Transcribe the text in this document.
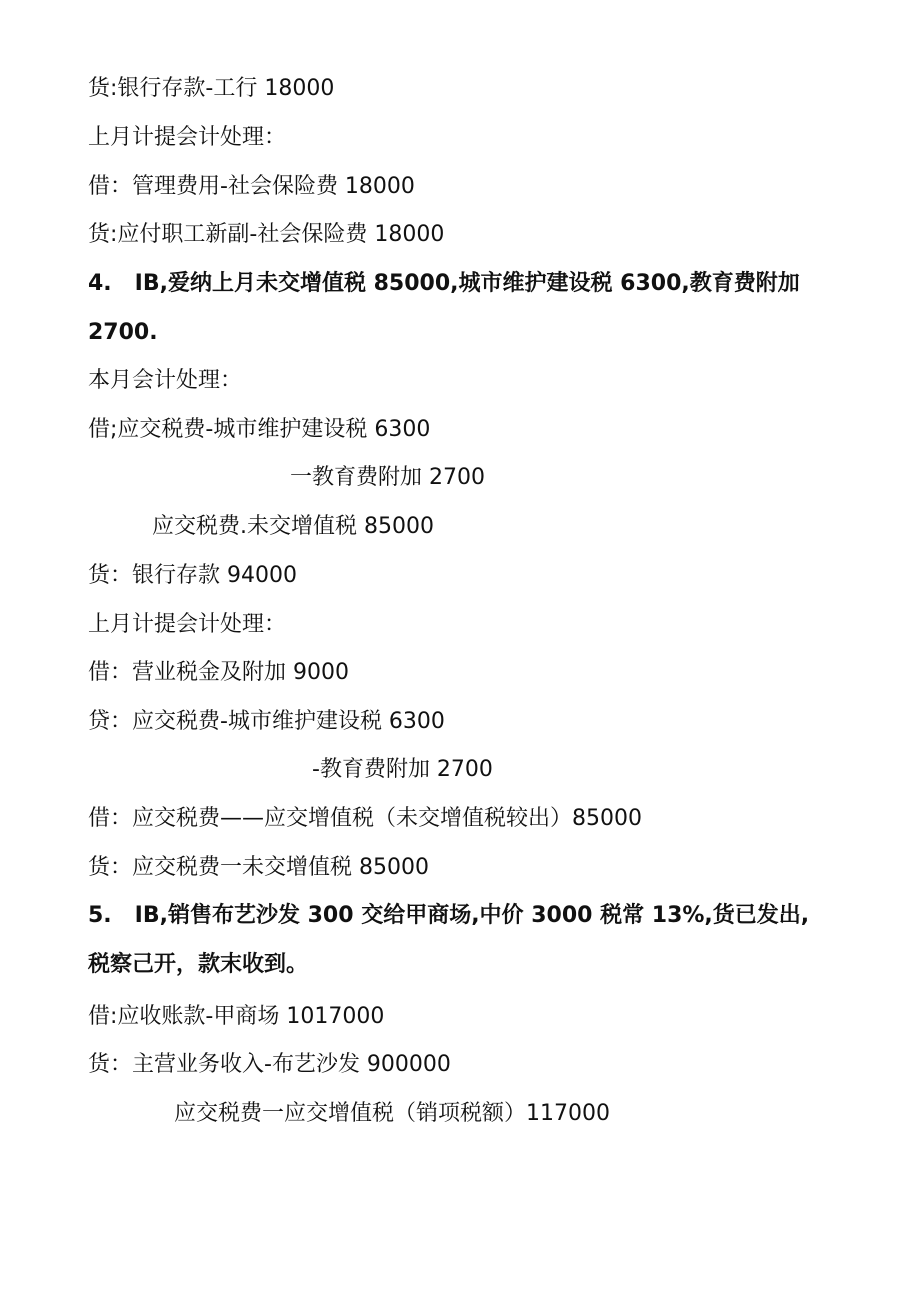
货:银行存款-工行 18000
上月计提会计处理：
借：管理费用-社会保险费 18000
货:应付职工新副-社会保险费 18000
4.   IB,爱纳上月未交增值税 85000,城市维护建设税 6300,教育费附加
2700.
本月会计处理：
借;应交税费-城市维护建设税 6300
一教育费附加 2700
应交税费.未交增值税 85000
货：银行存款 94000
上月计提会计处理：
借：营业税金及附加 9000
贷：应交税费-城市维护建设税 6300
-教育费附加 2700
借：应交税费——应交增值税（未交增值税较出）85000
货：应交税费一未交增值税 85000
5.   IB,销售布艺沙发 300 交给甲商场,中价 3000 税常 13%,货已发出,
税察己开，款末收到。
借:应收账款-甲商场 1017000
货：主营业务收入-布艺沙发 900000
应交税费一应交增值税（销项税额）117000
